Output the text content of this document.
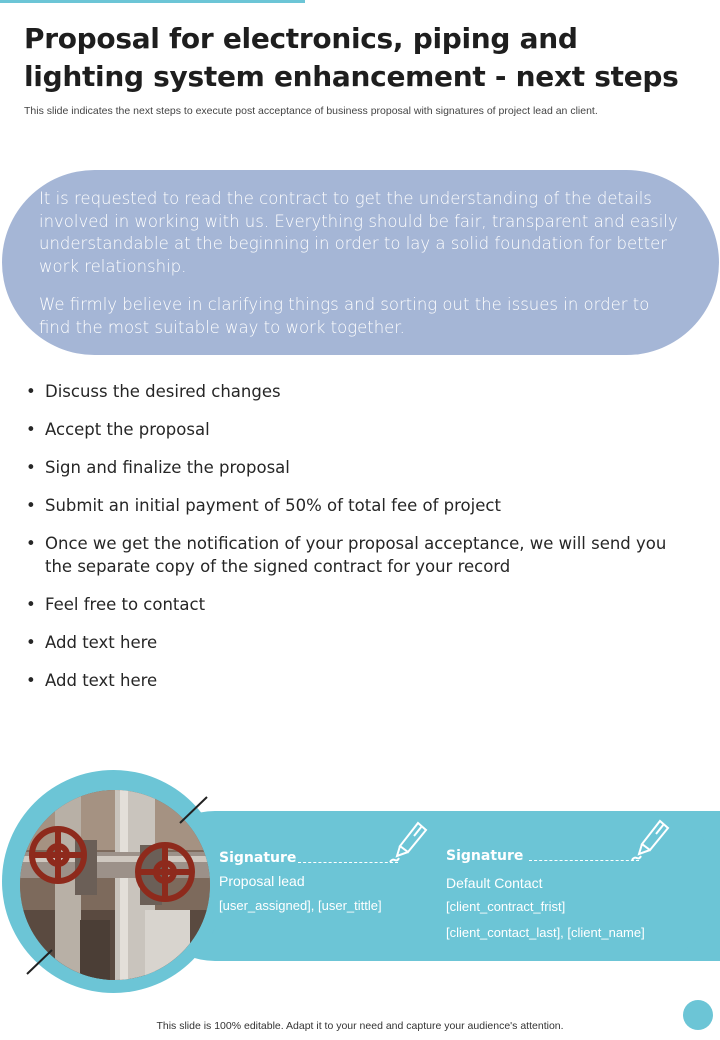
Proposal for electronics, piping and lighting system enhancement - next steps
This slide indicates the next steps to execute post acceptance of business proposal with signatures of project lead an client.

It is requested to read the contract to get the understanding of the details involved in working with us. Everything should be fair, transparent and easily understandable at the beginning in order to lay a solid foundation for better work relationship.

We firmly believe in clarifying things and sorting out the issues in order to find the most suitable way to work together.

• Discuss the desired changes
• Accept the proposal
• Sign and finalize the proposal
• Submit an initial payment of 50% of total fee of project
• Once we get the notification of your proposal acceptance, we will send you the separate copy of the signed contract for your record
• Feel free to contact
• Add text here
• Add text here
Signature
Proposal lead
[user_assigned], [user_tittle]
Signature
Default Contact
[client_contract_frist]
[client_contact_last], [client_name]
This slide is 100% editable. Adapt it to your need and capture your audience's attention.
